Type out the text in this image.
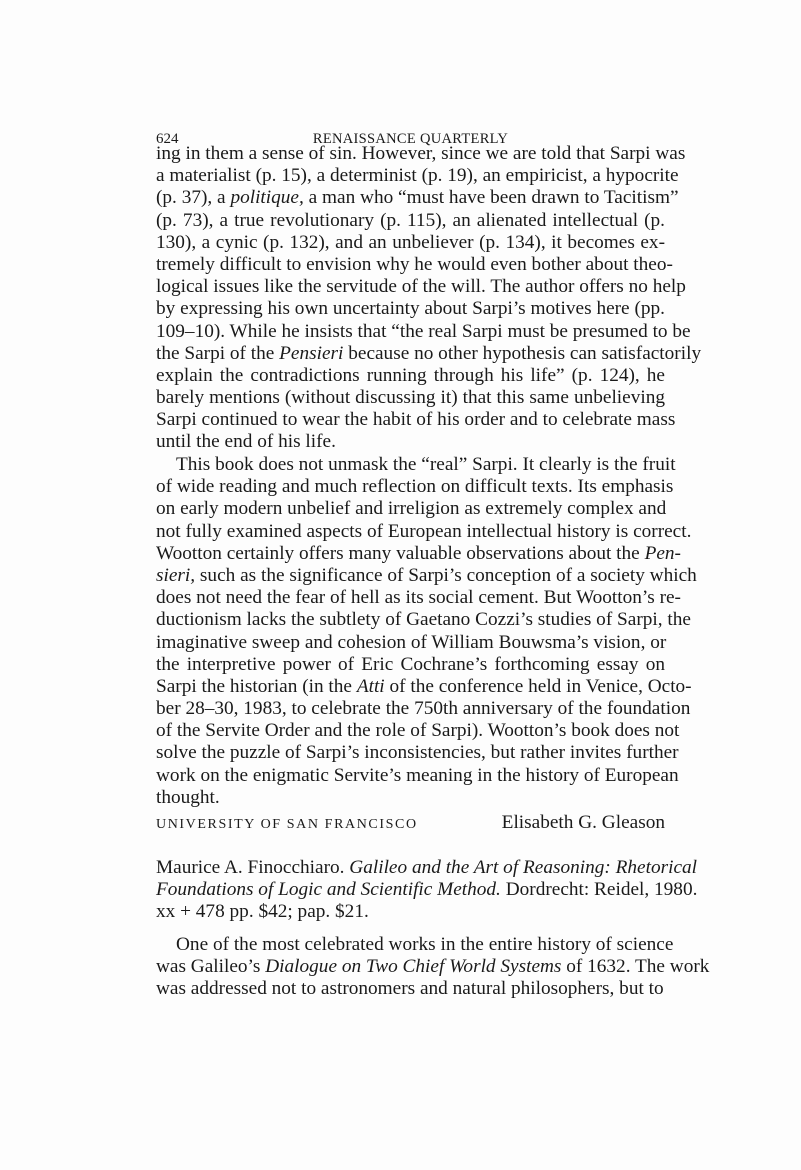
624	RENAISSANCE QUARTERLY
ing in them a sense of sin. However, since we are told that Sarpi was
a materialist (p. 15), a determinist (p. 19), an empiricist, a hypocrite
(p. 37), a politique, a man who “must have been drawn to Tacitism”
(p. 73), a true revolutionary (p. 115), an alienated intellectual (p.
130), a cynic (p. 132), and an unbeliever (p. 134), it becomes ex-
tremely difficult to envision why he would even bother about theo-
logical issues like the servitude of the will. The author offers no help
by expressing his own uncertainty about Sarpi’s motives here (pp.
109–10). While he insists that “the real Sarpi must be presumed to be
the Sarpi of the Pensieri because no other hypothesis can satisfactorily
explain the contradictions running through his life” (p. 124), he
barely mentions (without discussing it) that this same unbelieving
Sarpi continued to wear the habit of his order and to celebrate mass
until the end of his life.
This book does not unmask the “real” Sarpi. It clearly is the fruit
of wide reading and much reflection on difficult texts. Its emphasis
on early modern unbelief and irreligion as extremely complex and
not fully examined aspects of European intellectual history is correct.
Wootton certainly offers many valuable observations about the Pen-
sieri, such as the significance of Sarpi’s conception of a society which
does not need the fear of hell as its social cement. But Wootton’s re-
ductionism lacks the subtlety of Gaetano Cozzi’s studies of Sarpi, the
imaginative sweep and cohesion of William Bouwsma’s vision, or
the interpretive power of Eric Cochrane’s forthcoming essay on
Sarpi the historian (in the Atti of the conference held in Venice, Octo-
ber 28–30, 1983, to celebrate the 750th anniversary of the foundation
of the Servite Order and the role of Sarpi). Wootton’s book does not
solve the puzzle of Sarpi’s inconsistencies, but rather invites further
work on the enigmatic Servite’s meaning in the history of European
thought.
UNIVERSITY OF SAN FRANCISCO	Elisabeth G. Gleason
Maurice A. Finocchiaro. Galileo and the Art of Reasoning: Rhetorical
Foundations of Logic and Scientific Method. Dordrecht: Reidel, 1980.
xx + 478 pp. $42; pap. $21.
One of the most celebrated works in the entire history of science
was Galileo’s Dialogue on Two Chief World Systems of 1632. The work
was addressed not to astronomers and natural philosophers, but to
